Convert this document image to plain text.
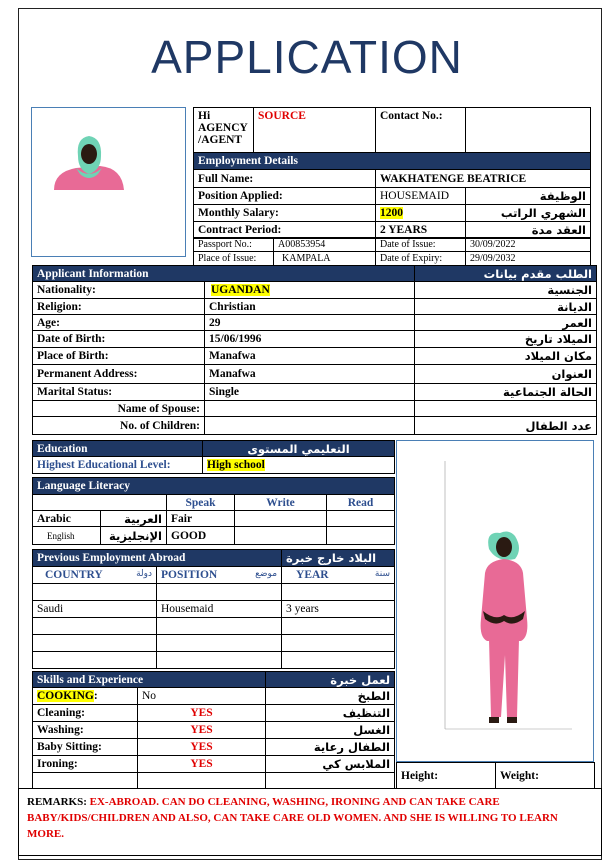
APPLICATION
Hi AGENCY /AGENT	SOURCE	Contact No.:	
Employment Details			
Full Name:		WAKHATENGE BEATRICE	
Position Applied:		HOUSEMAID	الوظيفة
Monthly Salary:		1200	الشهري الراتب
Contract Period:		2 YEARS	العقد مدة
Passport No.:	A00853954	Date of Issue:	30/09/2022
Place of Issue:	KAMPALA	Date of Expiry:	29/09/2032
Applicant Information		الطلب مقدم بيانات
Nationality:	UGANDAN	الجنسية
Religion:	Christian	الديانة
Age:	29	العمر
Date of Birth:	15/06/1996	الميلاد تاريخ
Place of Birth:	Manafwa	مكان الميلاد
Permanent Address:	Manafwa	العنوان
Marital Status:	Single	الحالة الجتماعية
Name of Spouse:		
No. of Children:		عدد الطفال
Education	التعليمي المستوى
Highest Educational Level:	High school
Language Literacy				
		Speak	Write	Read
Arabic	العربية	Fair		
English	الإنجليزية	GOOD		
Previous Employment Abroad		البلاد خارج خبرة
COUNTRY دولة	POSITION موضع	YEAR سنة

Saudi	Housemaid	3 years

Skills and Experience		لعمل خبرة
COOKING:	No	الطبخ
Cleaning:	YES	التنظيف
Washing:	YES	الغسل
Baby Sitting:	YES	الطفال رعاية
Ironing:	YES	الملابس كي

Height:	Weight:
REMARKS: EX-ABROAD. CAN DO CLEANING, WASHING, IRONING AND CAN TAKE CARE BABY/KIDS/CHILDREN AND ALSO, CAN TAKE CARE OLD WOMEN. AND SHE IS WILLING TO LEARN MORE.
